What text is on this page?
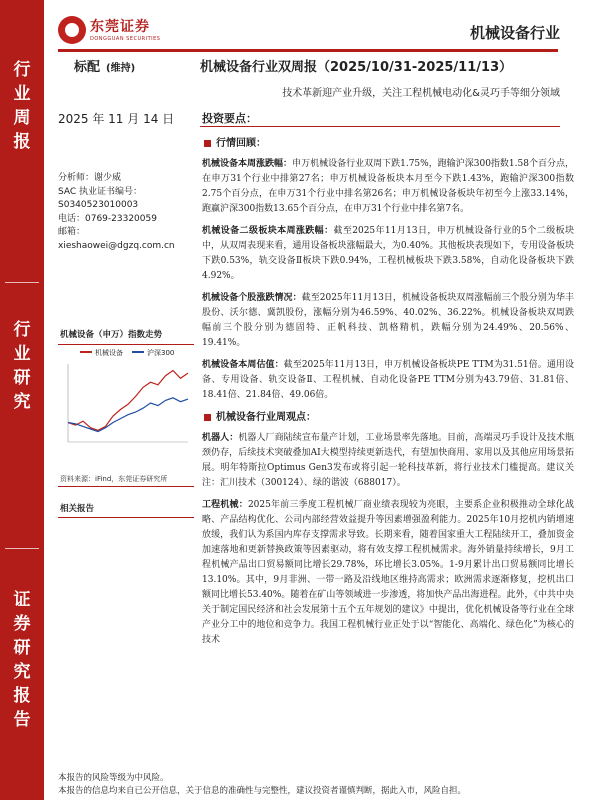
东莞证券
DONGGUAN SECURITIES	机械设备行业
行
业
周
报
行
业
研
究
证
券
研
究
报
告
标配 (维持)	机械设备行业双周报（2025/10/31-2025/11/13）
技术革新迎产业升级，关注工程机械电动化&灵巧手等细分领域
2025 年 11 月 14 日	投资要点：
分析师：谢少威
SAC 执业证书编号：
S0340523010003
电话：0769-23320059
邮箱：
xieshaowei@dgzq.com.cn
机械设备（申万）指数走势
机械设备	沪深300
资料来源：iFind，东莞证券研究所
相关报告
行情回顾：
机械设备本周涨跌幅：申万机械设备行业双周下跌1.75%，跑输沪深300指数1.58个百分点，在申万31个行业中排第27名；申万机械设备板块本月至今下跌1.43%，跑输沪深300指数2.75个百分点，在申万31个行业中排名第26名；申万机械设备板块年初至今上涨33.14%，跑赢沪深300指数13.65个百分点，在申万31个行业中排名第7名。
机械设备二级板块本周涨跌幅：截至2025年11月13日，申万机械设备行业的5个二级板块中，从双周表现来看，通用设备板块涨幅最大，为0.40%。其他板块表现如下，专用设备板块下跌0.53%，轨交设备Ⅱ板块下跌0.94%，工程机械板块下跌3.58%，自动化设备板块下跌4.92%。
机械设备个股涨跌情况：截至2025年11月13日，机械设备板块双周涨幅前三个股分别为华丰股份、沃尔德、冀凯股份，涨幅分别为46.59%、40.02%、36.22%。机械设备板块双周跌幅前三个股分别为德固特、正帆科技、凯格精机，跌幅分别为24.49%、20.56%、19.41%。
机械设备本周估值：截至2025年11月13日，申万机械设备板块PE TTM为31.51倍。通用设备、专用设备、轨交设备Ⅱ、工程机械、自动化设备PE TTM分别为43.79倍、31.81倍、18.41倍、21.84倍、49.06倍。
机械设备行业周观点：
机器人：机器人厂商陆续宣布量产计划，工业场景率先落地。目前，高端灵巧手设计及技术瓶颈仍存，后续技术突破叠加AI大模型持续更新迭代，有望加快商用、家用以及其他应用场景拓展。明年特斯拉Optimus Gen3发布或将引起一轮科技革新，将行业技术门槛提高。建议关注：汇川技术（300124）、绿的谐波（688017）。
工程机械：2025年前三季度工程机械厂商业绩表现较为亮眼，主要系企业积极推动全球化战略、产品结构优化、公司内部经营效益提升等因素增强盈利能力。2025年10月挖机内销增速放缓，我们认为系国内库存支撑需求导致。长期来看，随着国家重大工程陆续开工，叠加资金加速落地和更新替换政策等因素驱动，将有效支撑工程机械需求。海外销量持续增长，9月工程机械产品出口贸易额同比增长29.78%，环比增长3.05%。1-9月累计出口贸易额同比增长13.10%。其中，9月非洲、一带一路及沿线地区维持高需求；欧洲需求逐渐修复，挖机出口额同比增长53.40%。随着在矿山等领域进一步渗透，将加快产品出海进程。此外，《中共中央关于制定国民经济和社会发展第十五个五年规划的建议》中提出，优化机械设备等行业在全球产业分工中的地位和竞争力。我国工程机械行业正处于以“智能化、高端化、绿色化”为核心的技术
本报告的风险等级为中风险。
本报告的信息均来自已公开信息，关于信息的准确性与完整性，建议投资者谨慎判断，据此入市，风险自担。
